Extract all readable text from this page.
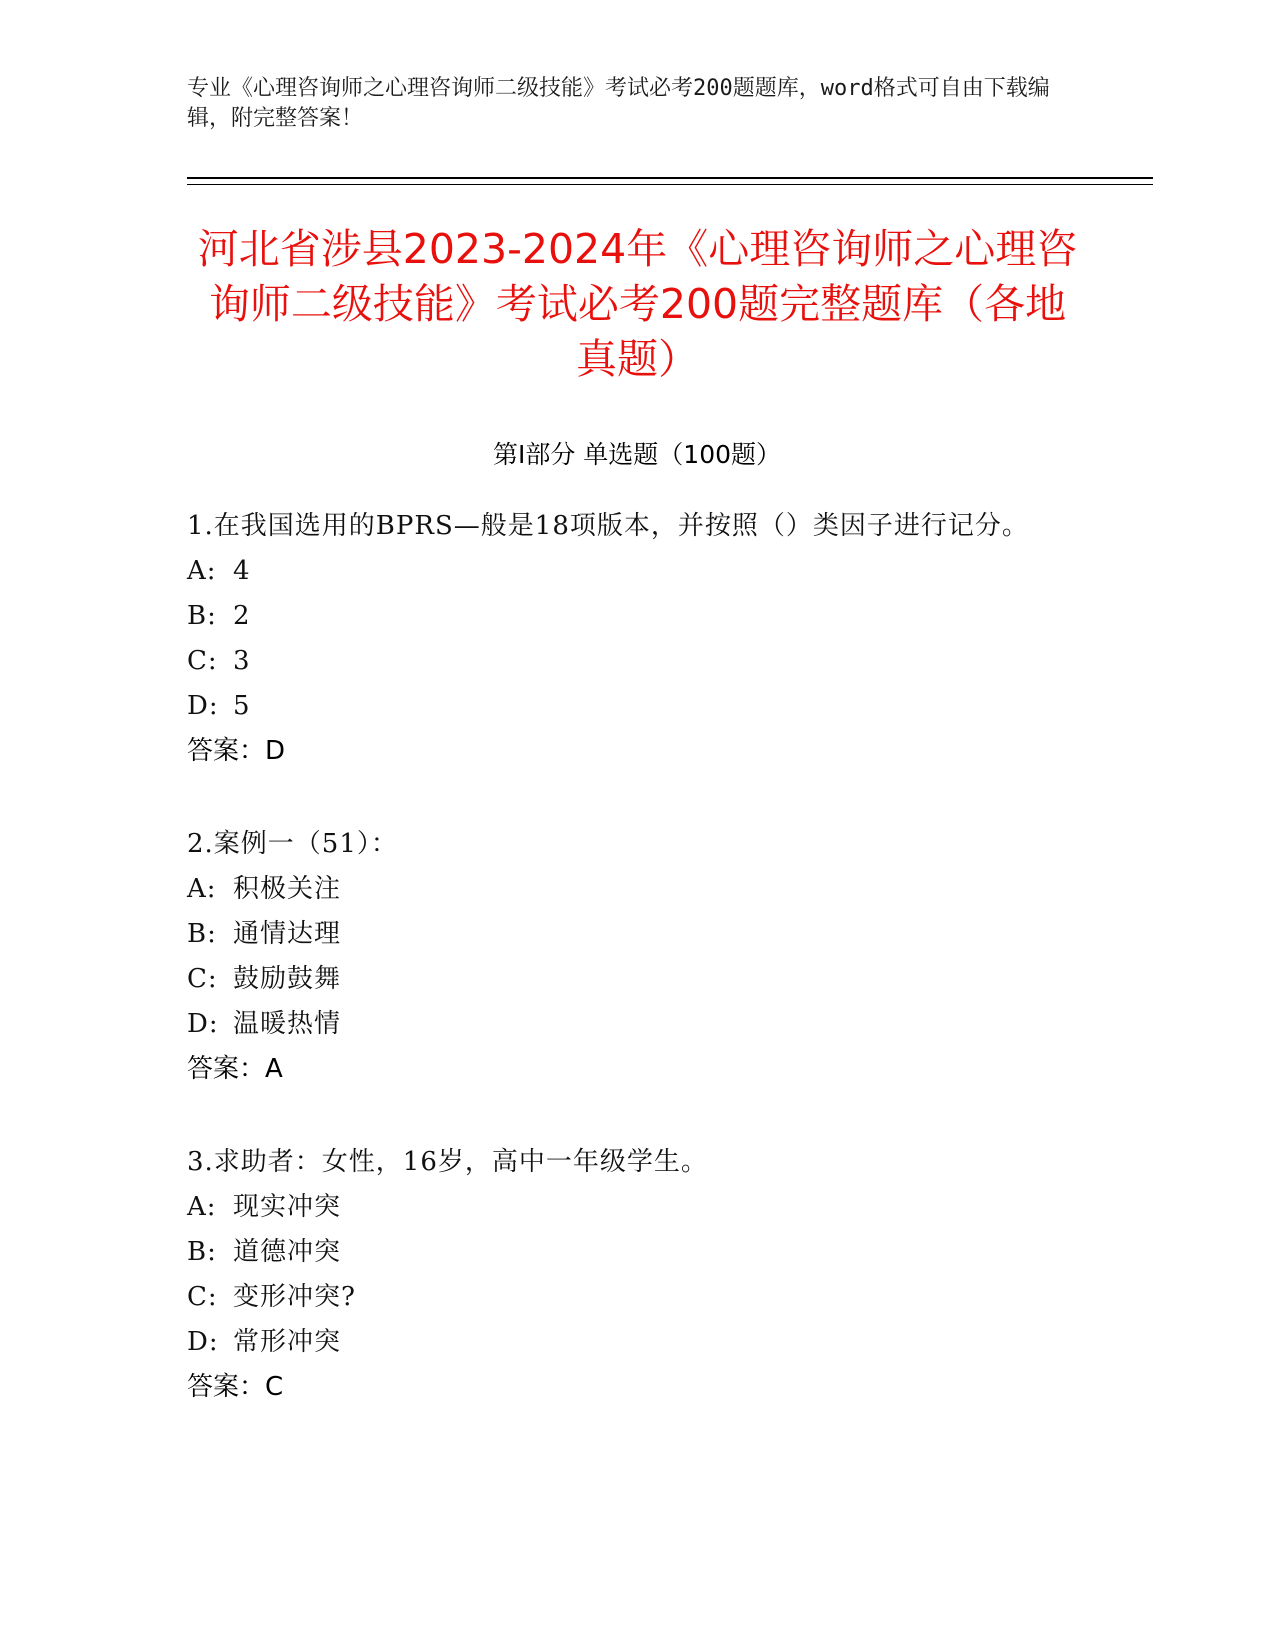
专业《心理咨询师之心理咨询师二级技能》考试必考200题题库，word格式可自由下载编辑，附完整答案！
河北省涉县2023-2024年《心理咨询师之心理咨询师二级技能》考试必考200题完整题库（各地真题）
第I部分 单选题（100题）
1.在我国选用的BPRS—般是18项版本，并按照（）类因子进行记分。
A: 4
B: 2
C: 3
D: 5
答案：D
2.案例一（51）：
A: 积极关注
B: 通情达理
C: 鼓励鼓舞
D: 温暖热情
答案：A
3.求助者：女性，16岁，高中一年级学生。
A: 现实冲突
B: 道德冲突
C: 变形冲突?
D: 常形冲突
答案：C
